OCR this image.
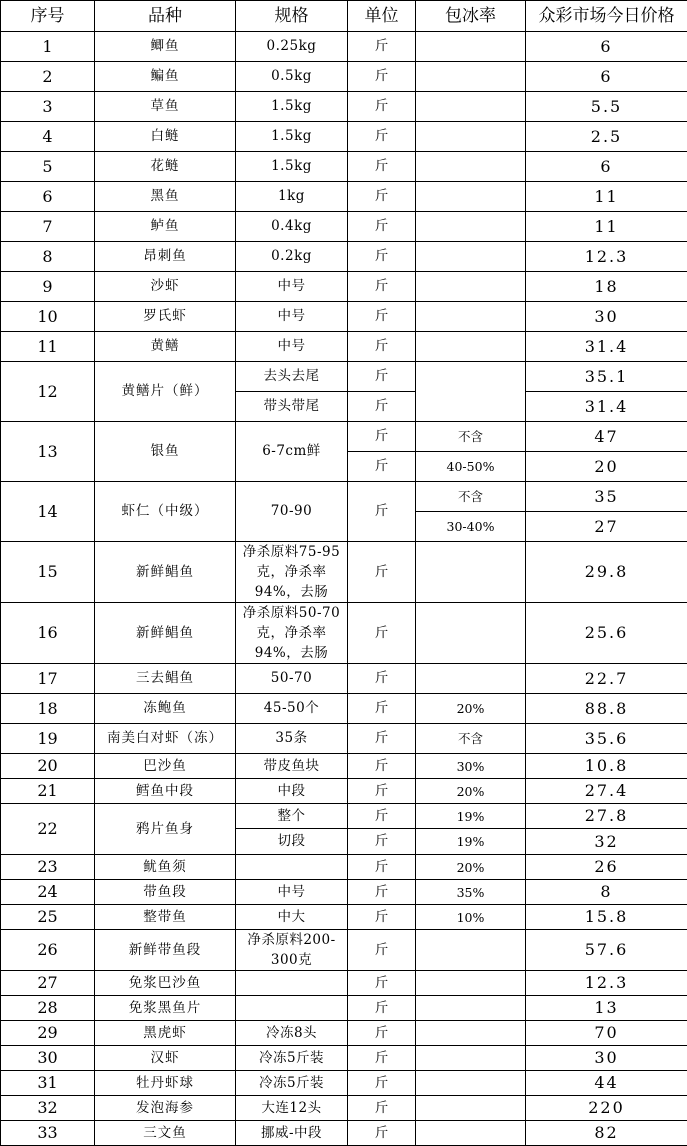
序号	品种	规格	单位	包冰率	众彩市场今日价格
1	鲫鱼	0.25kg	斤		6
2	鳊鱼	0.5kg	斤		6
3	草鱼	1.5kg	斤		5.5
4	白鲢	1.5kg	斤		2.5
5	花鲢	1.5kg	斤		6
6	黑鱼	1kg	斤		11
7	鲈鱼	0.4kg	斤		11
8	昂刺鱼	0.2kg	斤		12.3
9	沙虾	中号	斤		18
10	罗氏虾	中号	斤		30
11	黄鳝	中号	斤		31.4
12	黄鳝片（鲜）	去头去尾	斤		35.1
		带头带尾	斤		31.4
13	银鱼	6-7cm鲜	斤	不含	47
			斤	40-50%	20
14	虾仁（中级）	70-90	斤	不含	35
				30-40%	27
15	新鲜鲳鱼	净杀原料75-95克，净杀率94%，去肠	斤		29.8
16	新鲜鲳鱼	净杀原料50-70克，净杀率94%，去肠	斤		25.6
17	三去鲳鱼	50-70	斤		22.7
18	冻鲍鱼	45-50个	斤	20%	88.8
19	南美白对虾（冻）	35条	斤	不含	35.6
20	巴沙鱼	带皮鱼块	斤	30%	10.8
21	鳕鱼中段	中段	斤	20%	27.4
22	鸦片鱼身	整个	斤	19%	27.8
		切段	斤	19%	32
23	鱿鱼须		斤	20%	26
24	带鱼段	中号	斤	35%	8
25	整带鱼	中大	斤	10%	15.8
26	新鲜带鱼段	净杀原料200-300克	斤		57.6
27	免浆巴沙鱼		斤		12.3
28	免浆黑鱼片		斤		13
29	黑虎虾	冷冻8头	斤		70
30	汉虾	冷冻5斤装	斤		30
31	牡丹虾球	冷冻5斤装	斤		44
32	发泡海参	大连12头	斤		220
33	三文鱼	挪威-中段	斤		82
